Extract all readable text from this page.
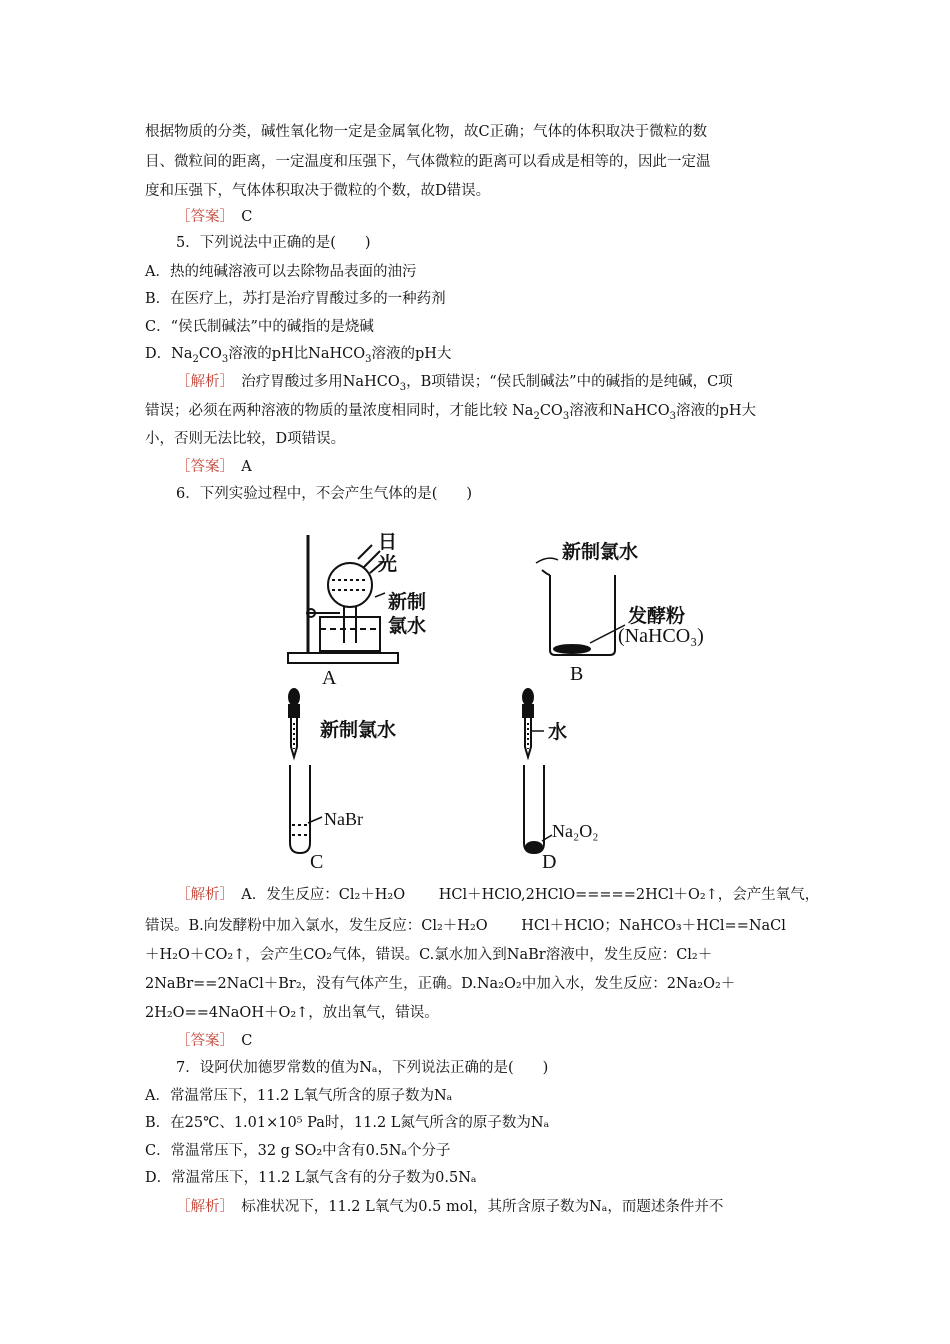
根据物质的分类，碱性氧化物一定是金属氧化物，故C正确；气体的体积取决于微粒的数
目、微粒间的距离，一定温度和压强下，气体微粒的距离可以看成是相等的，因此一定温
度和压强下，气体体积取决于微粒的个数，故D错误。
［答案］　 C
5．下列说法中正确的是(　　)
A．热的纯碱溶液可以去除物品表面的油污
B．在医疗上，苏打是治疗胃酸过多的一种药剂
C．“侯氏制碱法”中的碱指的是烧碱
D．$Na_2CO_3$溶液的pH比NaHCO$_3$溶液的pH大
［解析］　治疗胃酸过多用NaHCO$_3$，B项错误；“侯氏制碱法”中的碱指的是纯碱，C项
错误；必须在两种溶液的物质的量浓度相同时，才能比较 $Na_2CO_3$溶液和NaHCO$_3$溶液的pH大
小，否则无法比较，D项错误。
［答案］　 A
6．下列实验过程中，不会产生气体的是(　　)
日
光
新制
氯水
A
新制氯水
发酵粉
(NaHCO₃)
B
新制氯水
NaBr
C
水
Na₂O₂
D
［解析］　A．发生反应：Cl₂＋H₂O　　 HCl＋HClO,2HClO=====2HCl＋O₂↑，会产生氧气，
错误。B.向发酵粉中加入氯水，发生反应：Cl₂＋H₂O　　 HCl＋HClO；NaHCO₃＋HCl==NaCl
＋H₂O＋CO₂↑，会产生CO₂气体，错误。C.氯水加入到NaBr溶液中，发生反应：Cl₂＋
2NaBr==2NaCl＋Br₂，没有气体产生，正确。D.Na₂O₂中加入水，发生反应：2Na₂O₂＋
2H₂O==4NaOH＋O₂↑，放出氧气，错误。
［答案］　 C
7．设阿伏加德罗常数的值为Nₐ，下列说法正确的是(　　)
A．常温常压下，11.2 L氧气所含的原子数为Nₐ
B．在25℃、1.01×10⁵ Pa时，11.2 L氮气所含的原子数为Nₐ
C．常温常压下，32 g SO₂中含有0.5Nₐ个分子
D．常温常压下，11.2 L氯气含有的分子数为0.5Nₐ
［解析］　标准状况下，11.2 L氧气为0.5 mol，其所含原子数为Nₐ，而题述条件并不
